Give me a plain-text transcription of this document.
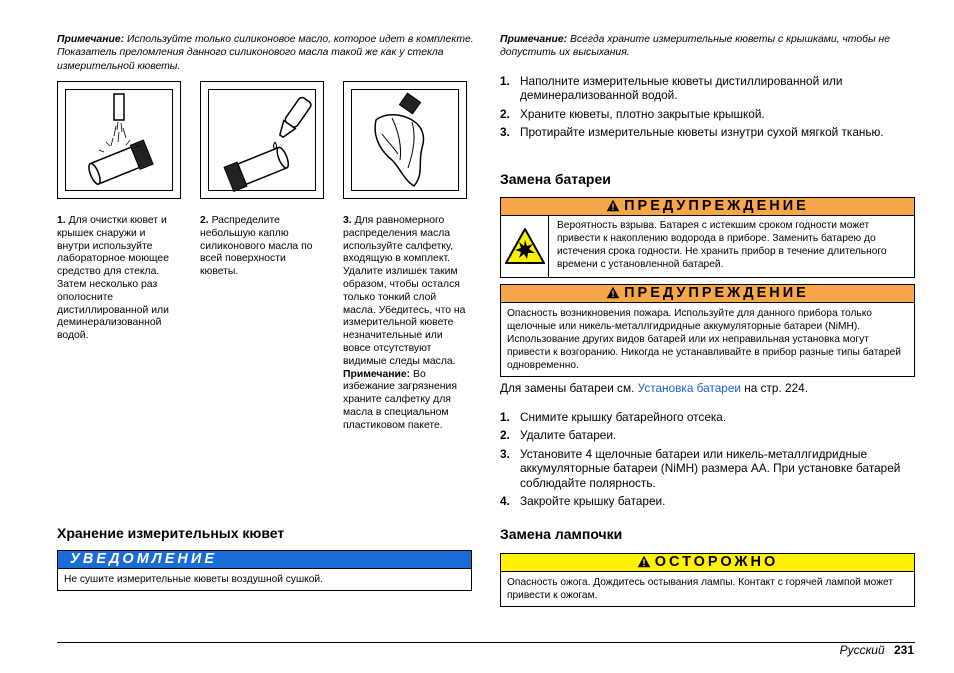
Примечание: Используйте только силиконовое масло, которое идет в комплекте. Показатель преломления данного силиконового масла такой же как у стекла измерительной кюветы.

1. Для очистки кювет и крышек снаружи и внутри используйте лабораторное моющее средство для стекла. Затем несколько раз ополосните дистиллированной или деминерализованной водой.

2. Распределите небольшую каплю силиконового масла по всей поверхности кюветы.

3. Для равномерного распределения масла используйте салфетку, входящую в комплект. Удалите излишек таким образом, чтобы остался только тонкий слой масла. Убедитесь, что на измерительной кювете незначительные или вовсе отсутствуют видимые следы масла.

Примечание: Во избежание загрязнения храните салфетку для масла в специальном пластиковом пакете.

Хранение измерительных кювет
УВЕДОМЛЕНИЕ
Не сушите измерительные кюветы воздушной сушкой.

Примечание: Всегда храните измерительные кюветы с крышками, чтобы не допустить их высыхания.

1. Наполните измерительные кюветы дистиллированной или деминерализованной водой.
2. Храните кюветы, плотно закрытые крышкой.
3. Протирайте измерительные кюветы изнутри сухой мягкой тканью.
Замена батареи
ПРЕДУПРЕЖДЕНИЕ
Вероятность взрыва. Батарея с истекшим сроком годности может привести к накоплению водорода в приборе. Заменить батарею до истечения срока годности. Не хранить прибор в течение длительного времени с установленной батарей.
ПРЕДУПРЕЖДЕНИЕ
Опасность возникновения пожара. Используйте для данного прибора только щелочные или никель-металлгидридные аккумуляторные батареи (NiMH). Использование других видов батарей или их неправильная установка могут привести к возгоранию. Никогда не устанавливайте в прибор разные типы батарей одновременно.

Для замены батареи см. Установка батареи на стр. 224.

1. Снимите крышку батарейного отсека.
2. Удалите батареи.
3. Установите 4 щелочные батареи или никель-металлгидридные аккумуляторные батареи (NiMH) размера AA. При установке батарей соблюдайте полярность.
4. Закройте крышку батареи.
Замена лампочки
ОСТОРОЖНО
Опасность ожога. Дождитесь остывания лампы. Контакт с горячей лампой может привести к ожогам.
Русский 231
